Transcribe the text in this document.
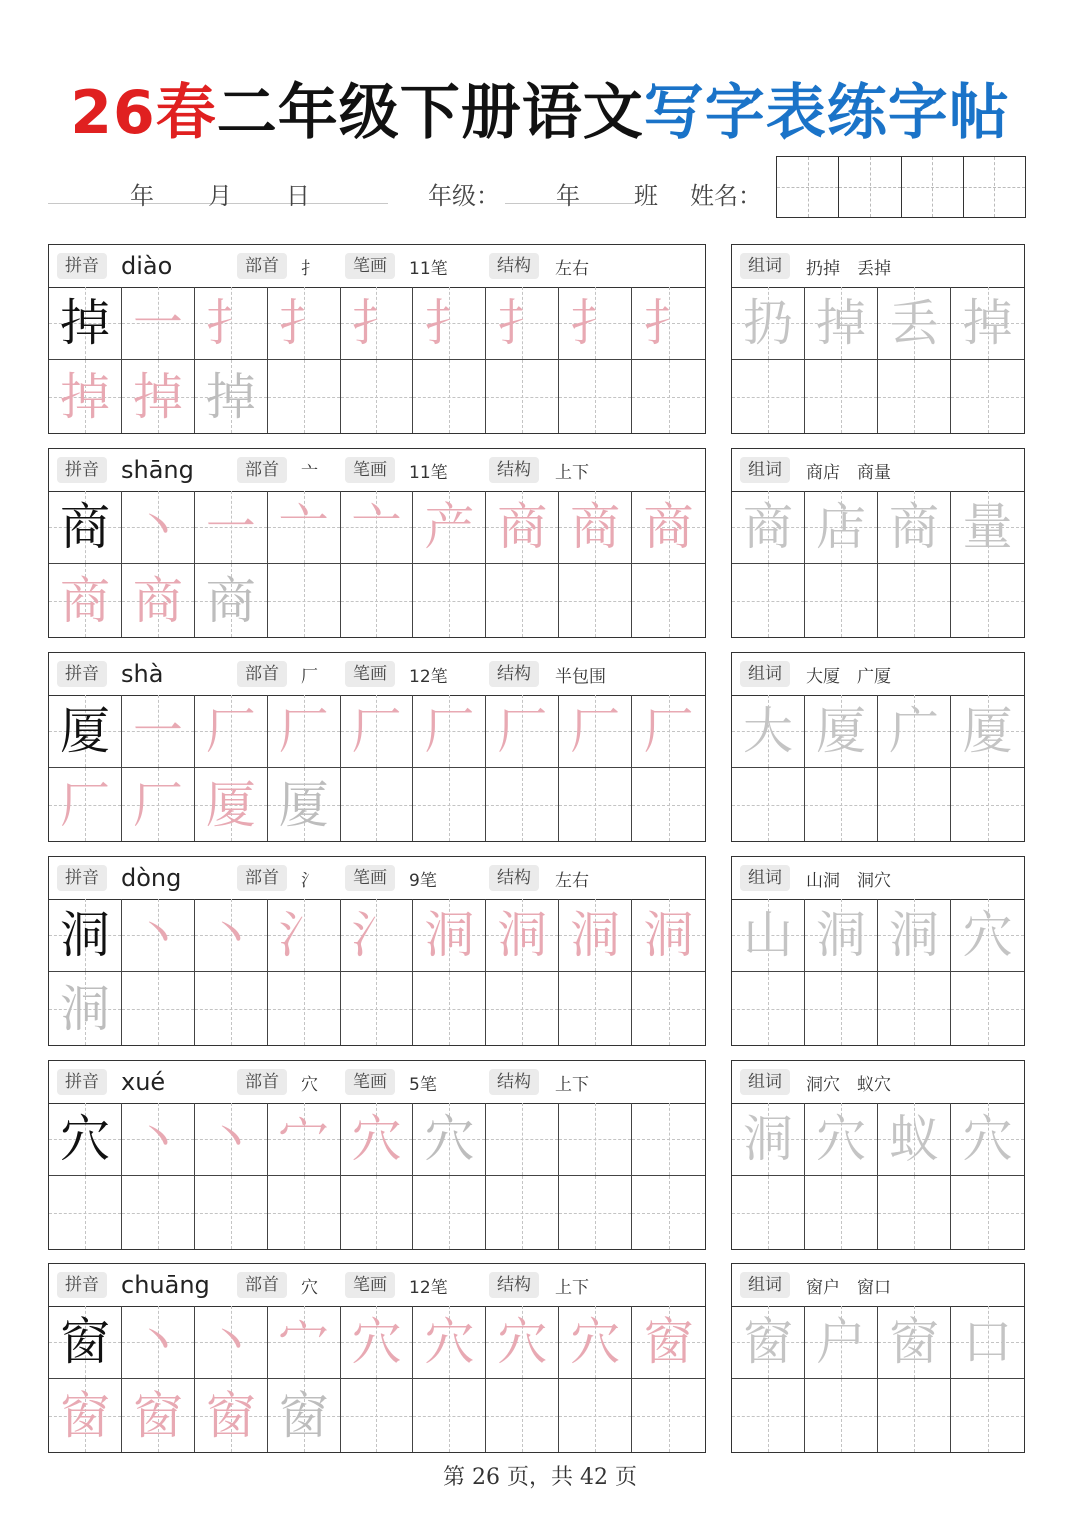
26春二年级下册语文写字表练字帖
年 月 日	年级： 年 班 姓名：
拼音 diào	部首	扌	笔画	11笔	结构	左右
掉 一 扌 扌 扌 扌 扌 扌 扌
掉 掉 掉
组词	扔掉　丢掉
扔 掉 丢 掉
拼音 shāng	部首	亠	笔画	11笔	结构	上下
商 丶 一 亠 亠 产 商 商 商
商 商 商
组词	商店　商量
商 店 商 量
拼音 shà	部首	厂	笔画	12笔	结构	半包围
厦 一 厂 厂 厂 厂 厂 厂 厂
厂 厂 厦 厦
组词	大厦　广厦
大 厦 广 厦
拼音 dòng	部首	氵	笔画	9笔	结构	左右
洞 丶 丶 氵 氵 洞 洞 洞 洞
洞
组词	山洞　洞穴
山 洞 洞 穴
拼音 xué	部首	穴	笔画	5笔	结构	上下
穴 丶 丶 宀 穴 穴
组词	洞穴　蚁穴
洞 穴 蚁 穴
拼音 chuāng	部首	穴	笔画	12笔	结构	上下
窗 丶 丶 宀 穴 穴 穴 穴 窗
窗 窗 窗 窗
组词	窗户　窗口
窗 户 窗 口
第 26 页，共 42 页
